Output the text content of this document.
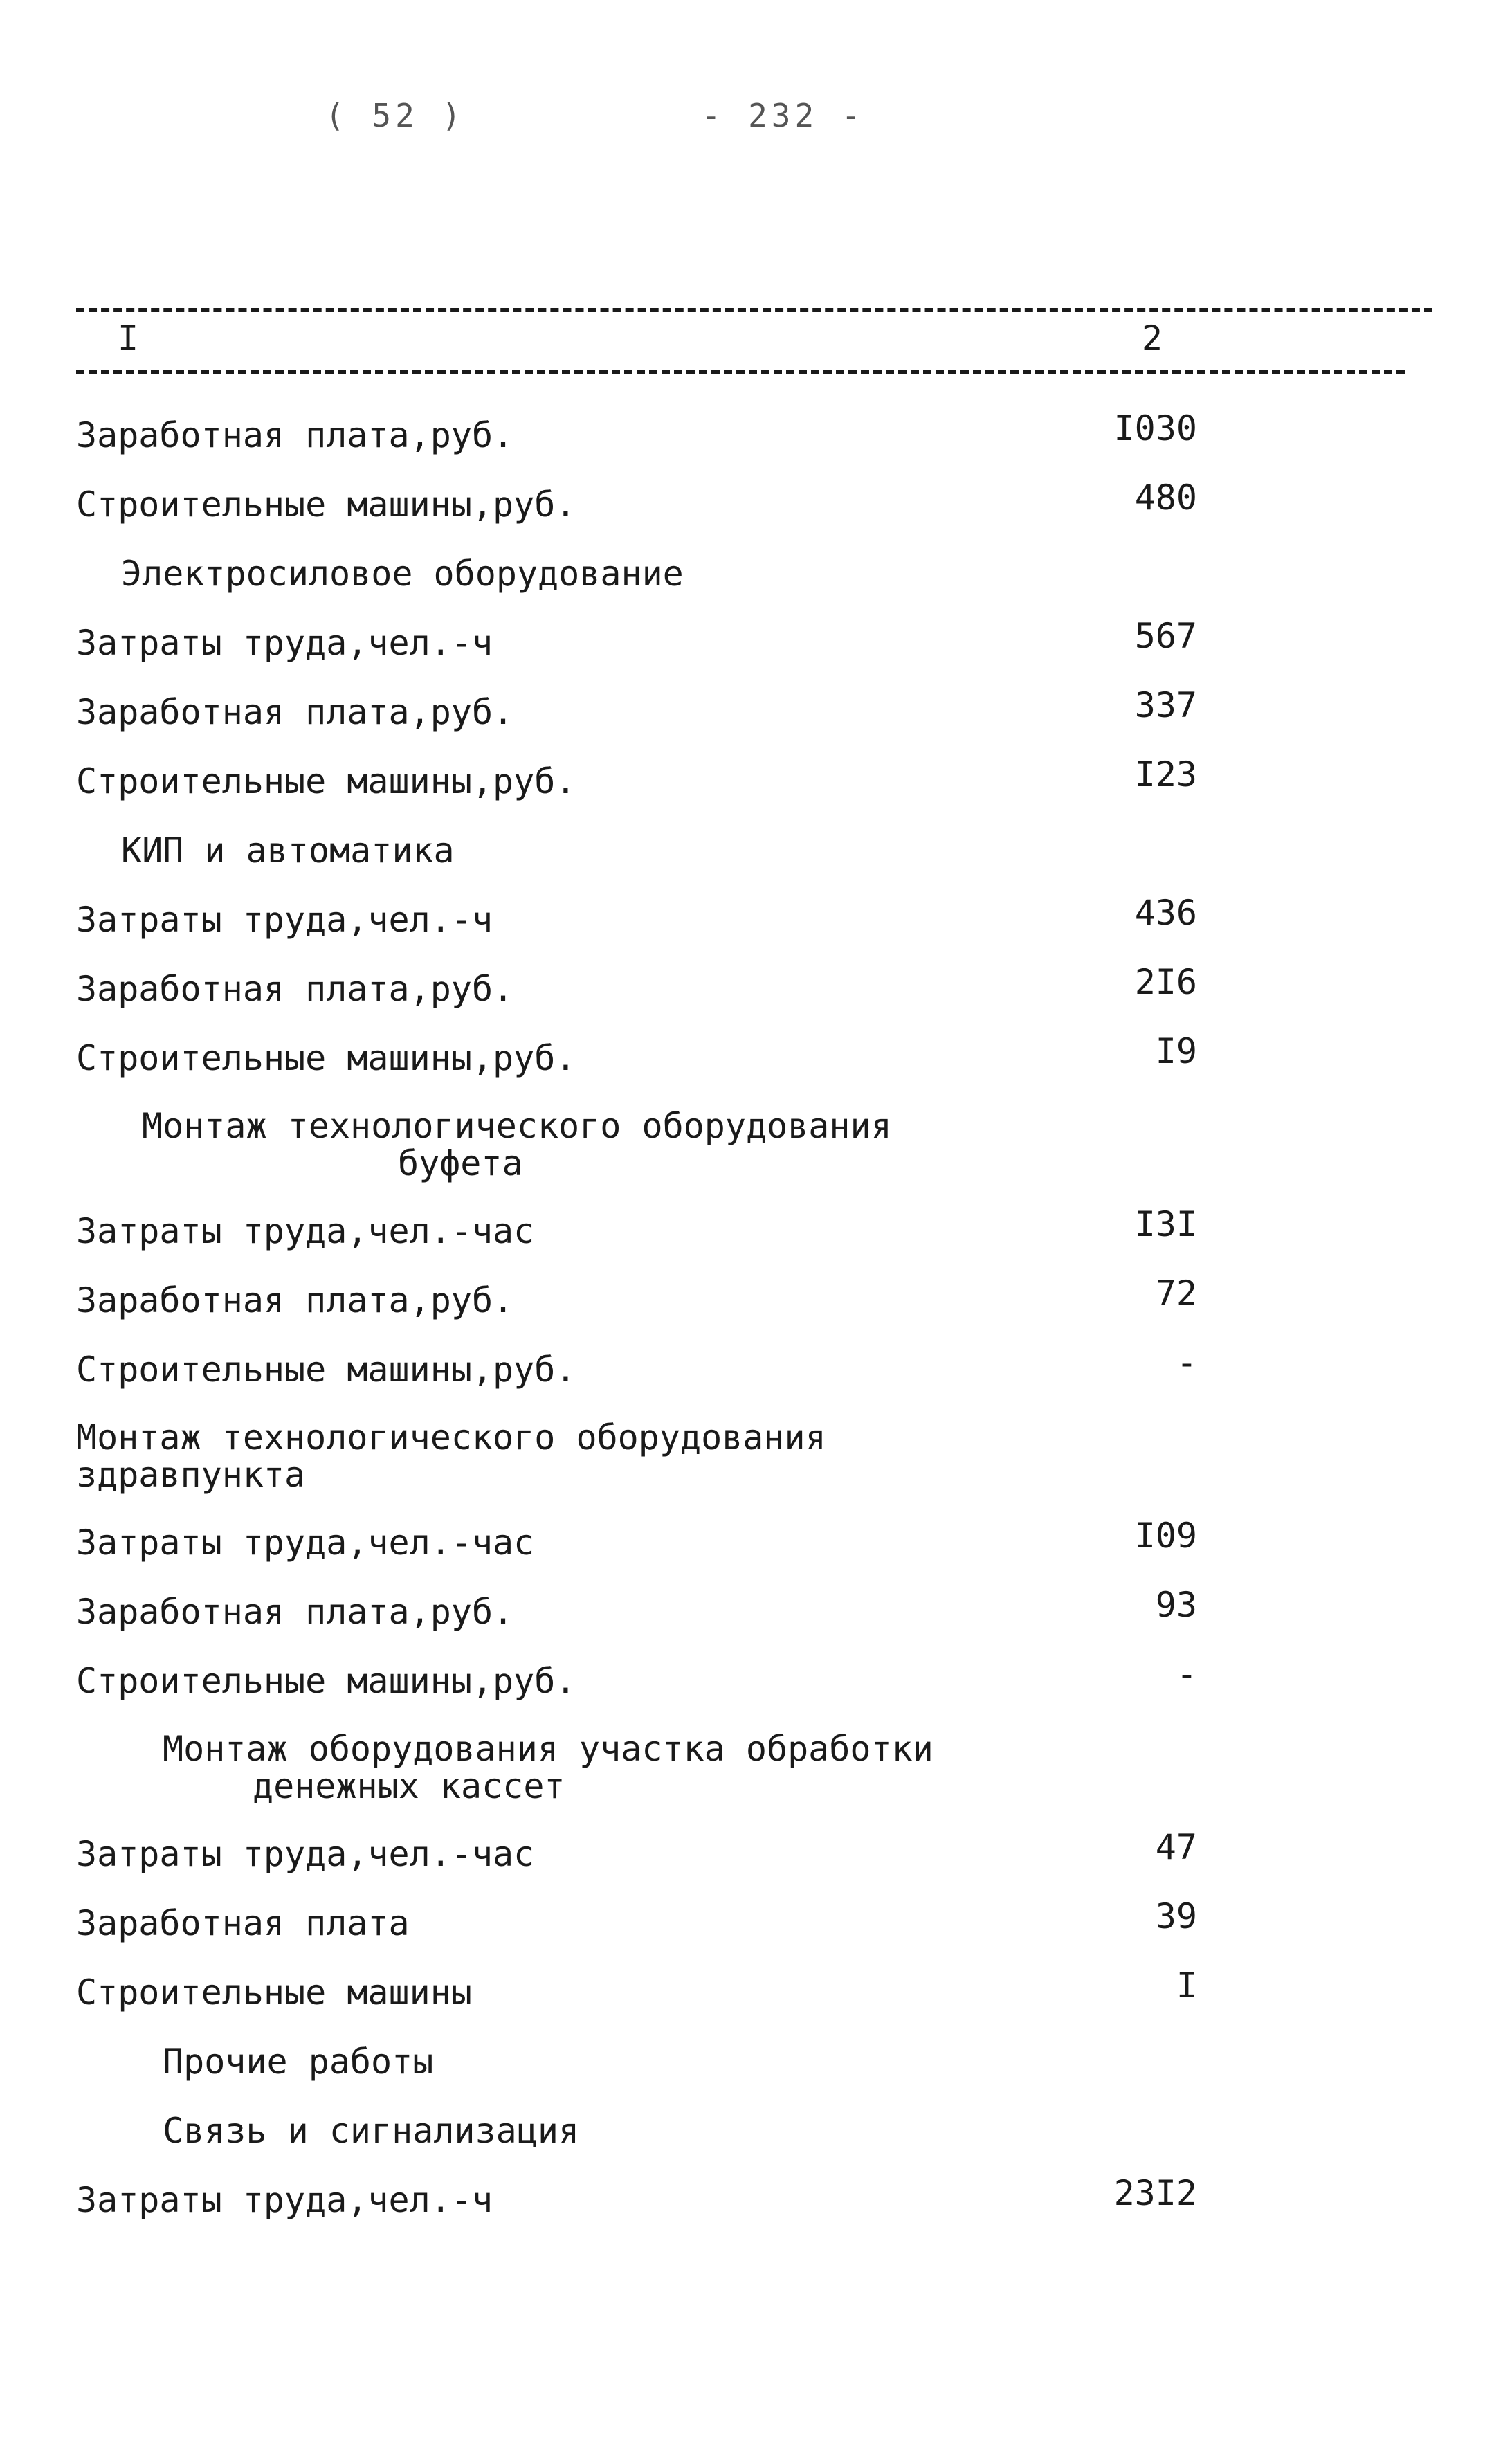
( 52 )	- 232 -
I	2
Заработная плата,руб.	I030
Строительные машины,руб.	480
Электросиловое оборудование
Затраты труда,чел.-ч	567
Заработная плата,руб.	337
Строительные машины,руб.	I23
КИП и автоматика
Затраты труда,чел.-ч	436
Заработная плата,руб.	2I6
Строительные машины,руб.	I9
Монтаж технологического оборудования
буфета
Затраты труда,чел.-час	I3I
Заработная плата,руб.	72
Строительные машины,руб.	-
Монтаж технологического оборудования
здравпункта
Затраты труда,чел.-час	I09
Заработная плата,руб.	93
Строительные машины,руб.	-
Монтаж оборудования участка обработки
денежных кассет
Затраты труда,чел.-час	47
Заработная плата	39
Строительные машины	I
Прочие работы
Связь и сигнализация
Затраты труда,чел.-ч	23I2
